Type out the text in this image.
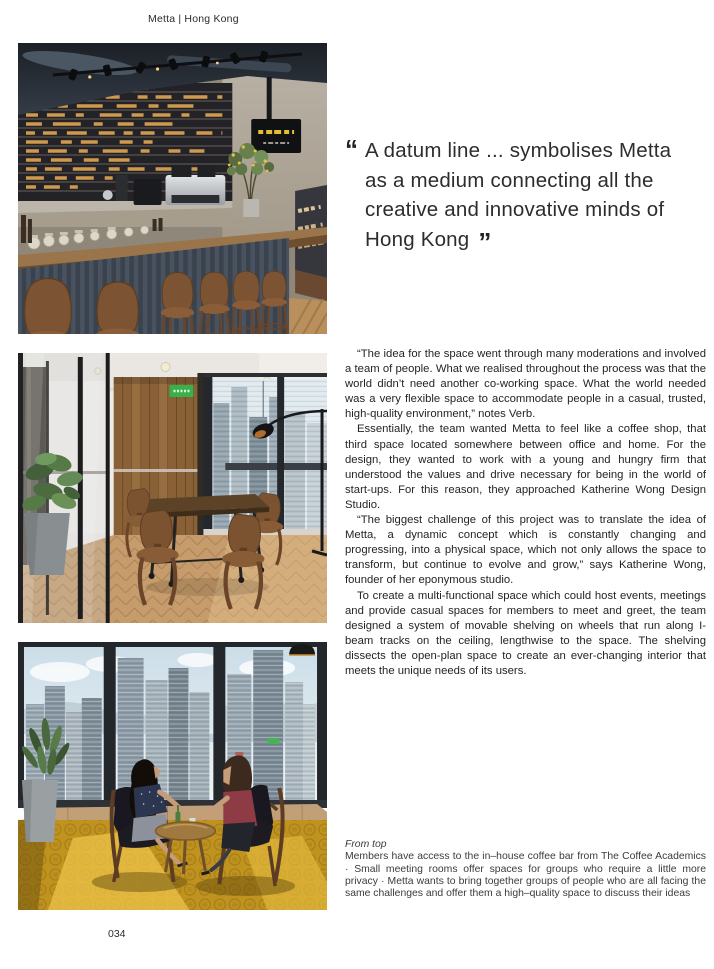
Metta | Hong Kong
“ A datum line ... symbolises Metta
as a medium connecting all the
creative and innovative minds of
Hong Kong ”

“The idea for the space went through many moderations and involved a team of people. What we realised throughout the process was that the world didn’t need another co-working space. What the world needed was a very flexible space to accommodate people in a casual, trusted, high-quality environment,” notes Verb.

Essentially, the team wanted Metta to feel like a coffee shop, that third space located somewhere between office and home. For the design, they wanted to work with a young and hungry firm that understood the values and drive necessary for being in the world of start-ups. For this reason, they approached Katherine Wong Design Studio.

“The biggest challenge of this project was to translate the idea of Metta, a dynamic concept which is constantly changing and progressing, into a physical space, which not only allows the space to transform, but continue to evolve and grow,” says Katherine Wong, founder of her eponymous studio.

To create a multi-functional space which could host events, meetings and provide casual spaces for members to meet and greet, the team designed a system of movable shelving on wheels that run along I-beam tracks on the ceiling, lengthwise to the space. The shelving dissects the open-plan space to create an ever-changing interior that meets the unique needs of its users.

From top
Members have access to the in–house coffee bar from The Coffee Academics · Small meeting rooms offer spaces for groups who require a little more privacy · Metta wants to bring together groups of people who are all facing the same challenges and offer them a high–quality space to discuss their ideas
034
